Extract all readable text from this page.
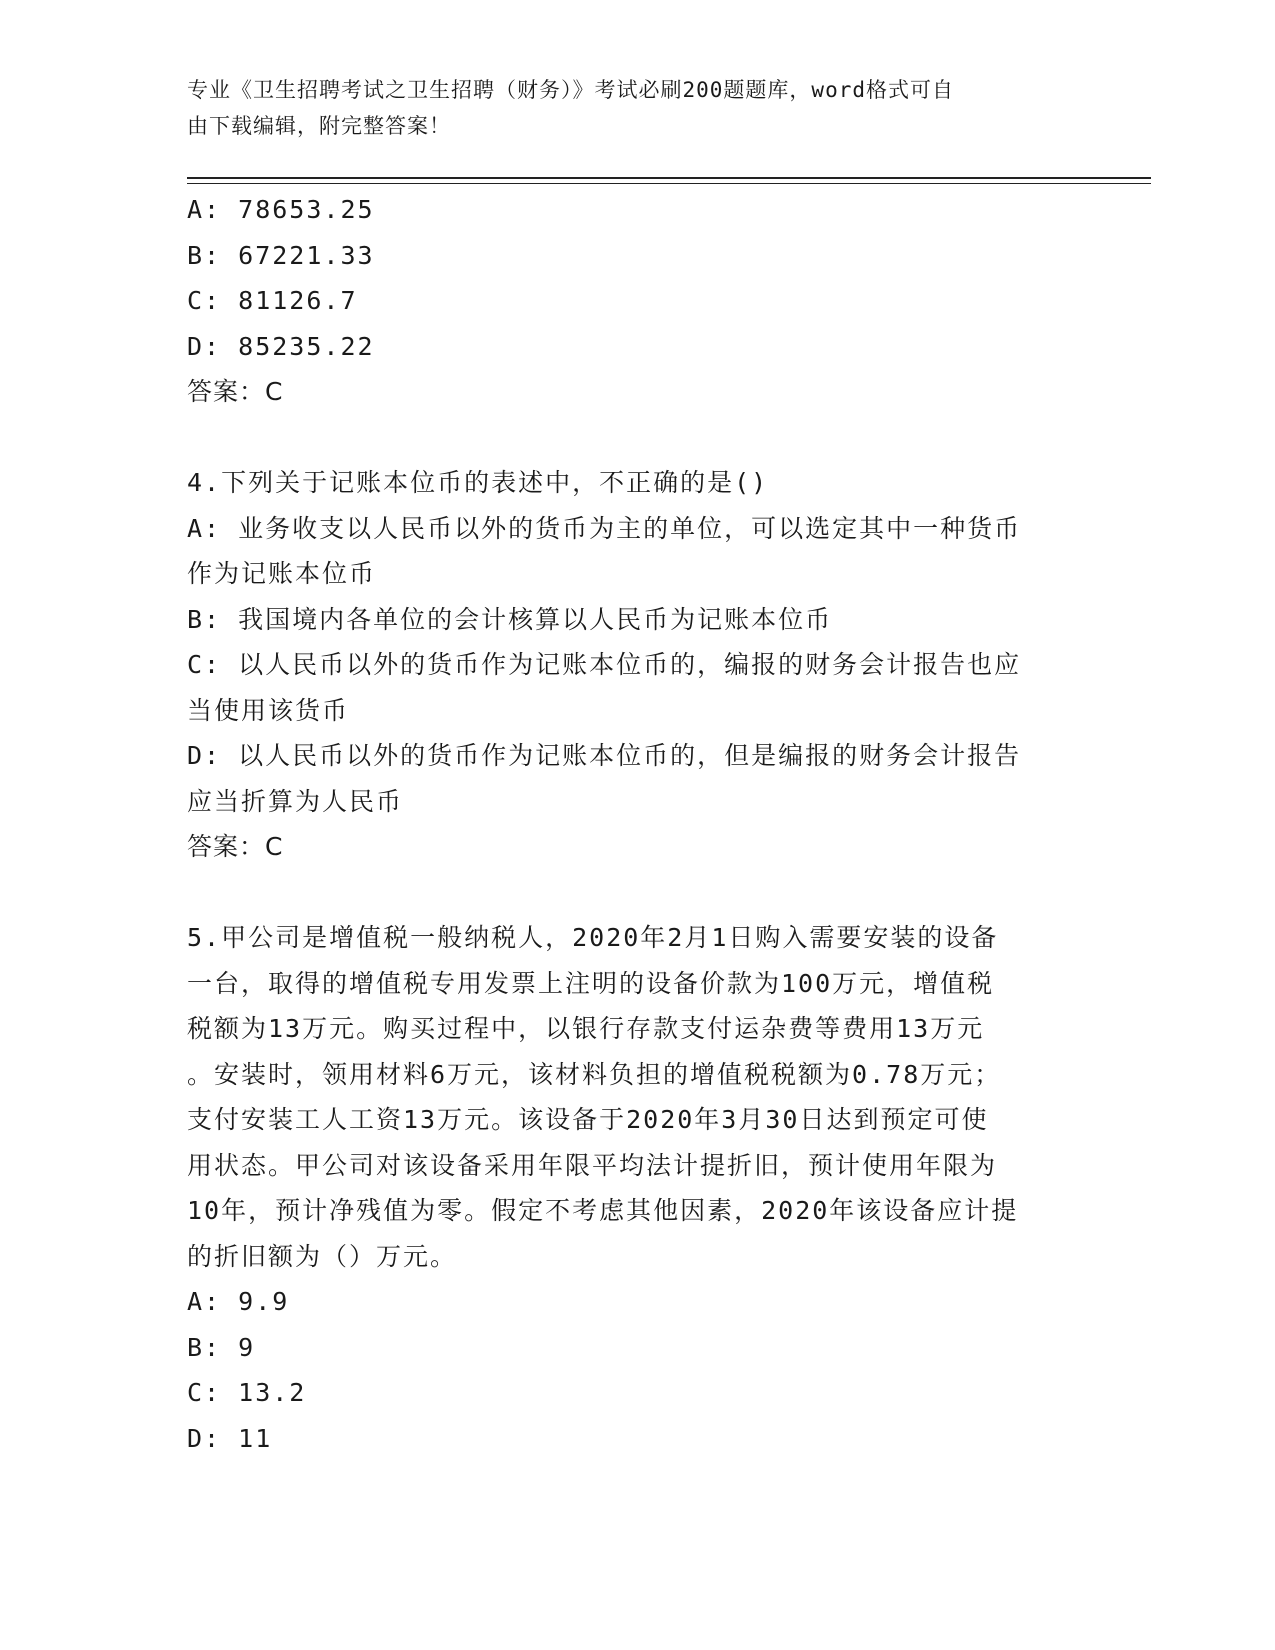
专业《卫生招聘考试之卫生招聘（财务）》考试必刷200题题库，word格式可自
由下载编辑，附完整答案！
A: 78653.25
B: 67221.33
C: 81126.7
D: 85235.22
答案：C
4.下列关于记账本位币的表述中，不正确的是()
A: 业务收支以人民币以外的货币为主的单位，可以选定其中一种货币
作为记账本位币
B: 我国境内各单位的会计核算以人民币为记账本位币
C: 以人民币以外的货币作为记账本位币的，编报的财务会计报告也应
当使用该货币
D: 以人民币以外的货币作为记账本位币的，但是编报的财务会计报告
应当折算为人民币
答案：C
5.甲公司是增值税一般纳税人，2020年2月1日购入需要安装的设备
一台，取得的增值税专用发票上注明的设备价款为100万元，增值税
税额为13万元。购买过程中，以银行存款支付运杂费等费用13万元
。安装时，领用材料6万元，该材料负担的增值税税额为0.78万元；
支付安装工人工资13万元。该设备于2020年3月30日达到预定可使
用状态。甲公司对该设备采用年限平均法计提折旧，预计使用年限为
10年，预计净残值为零。假定不考虑其他因素，2020年该设备应计提
的折旧额为（）万元。
A: 9.9
B: 9
C: 13.2
D: 11
